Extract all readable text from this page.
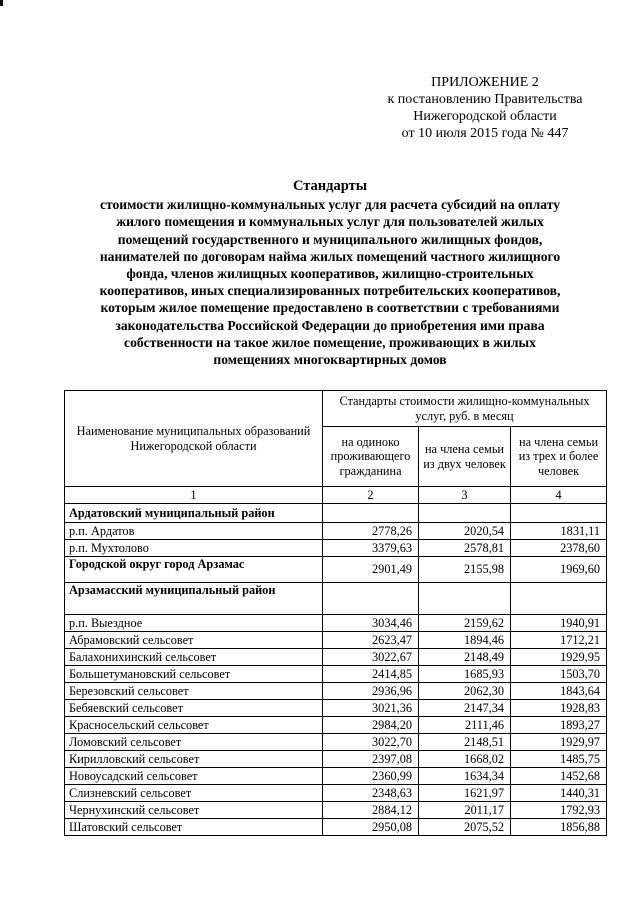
ПРИЛОЖЕНИЕ 2
к постановлению Правительства
Нижегородской области
от 10 июля 2015 года № 447
Стандарты
стоимости жилищно-коммунальных услуг для расчета субсидий на оплату
жилого помещения и коммунальных услуг для пользователей жилых
помещений государственного и муниципального жилищных фондов,
нанимателей по договорам найма жилых помещений частного жилищного
фонда, членов жилищных кооперативов, жилищно-строительных
кооперативов, иных специализированных потребительских кооперативов,
которым жилое помещение предоставлено в соответствии с требованиями
законодательства Российской Федерации до приобретения ими права
собственности на такое жилое помещение, проживающих в жилых
помещениях многоквартирных домов
Наименование муниципальных образований Нижегородской области	Стандарты стоимости жилищно-коммунальных услуг, руб. в месяц		
	на одиноко проживающего гражданина	на члена семьи из двух человек	на члена семьи из трех и более человек
1	2	3	4
Ардатовский муниципальный район			
р.п. Ардатов	2778,26	2020,54	1831,11
р.п. Мухтолово	3379,63	2578,81	2378,60
Городской округ город Арзамас	2901,49	2155,98	1969,60
Арзамасский муниципальный район			
р.п. Выездное	3034,46	2159,62	1940,91
Абрамовский сельсовет	2623,47	1894,46	1712,21
Балахонихинский сельсовет	3022,67	2148,49	1929,95
Большетумановский сельсовет	2414,85	1685,93	1503,70
Березовский сельсовет	2936,96	2062,30	1843,64
Бебяевский сельсовет	3021,36	2147,34	1928,83
Красносельский сельсовет	2984,20	2111,46	1893,27
Ломовский сельсовет	3022,70	2148,51	1929,97
Кирилловский сельсовет	2397,08	1668,02	1485,75
Новоусадский сельсовет	2360,99	1634,34	1452,68
Слизневский сельсовет	2348,63	1621,97	1440,31
Чернухинский сельсовет	2884,12	2011,17	1792,93
Шатовский сельсовет	2950,08	2075,52	1856,88
